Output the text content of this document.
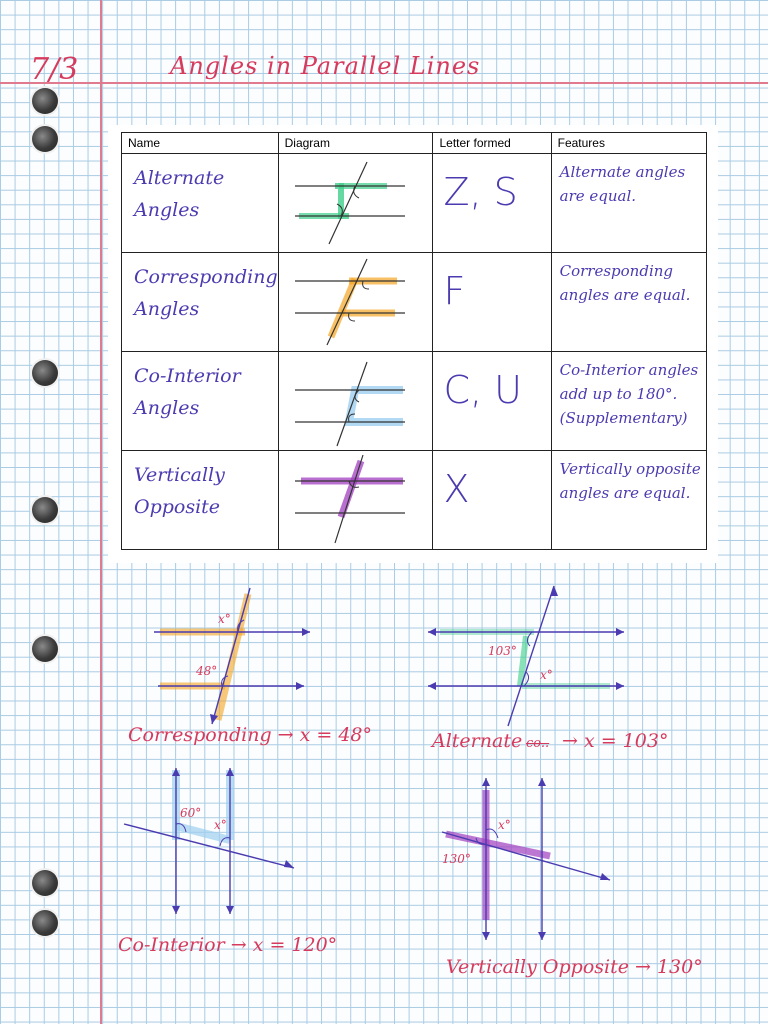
7/3	Angles in Parallel Lines
Name	Diagram	Letter formed	Features

Alternate Angles		Z, S	Alternate angles are equal.

Corresponding Angles		F	Corresponding angles are equal.

Co-Interior Angles		C, U	Co-Interior angles add up to 180°. (Supplementary)

Vertically Opposite		X	Vertically opposite angles are equal.
x°
48°
Corresponding → x = 48°
103°
x°
Alternate co.. → x = 103°
60°
x°
Co-Interior → x = 120°
x°
130°
Vertically Opposite → 130°
